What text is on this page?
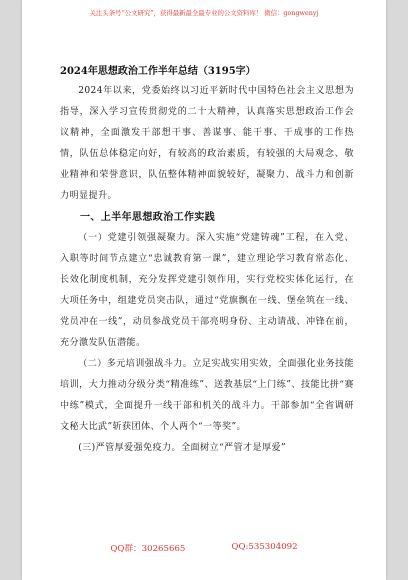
关注头条号“公文研究”，获得最新最全最专业的公文资料库！ 微信：gongwenyj
2024年思想政治工作半年总结（3195字）

2024年以来，党委始终以习近平新时代中国特色社会主义思想为指导，深入学习宣传贯彻党的二十大精神，认真落实思想政治工作会议精神，全面激发干部想干事、善谋事、能干事、干成事的工作热情，队伍总体稳定向好，有较高的政治素质，有较强的大局观念、敬业精神和荣誉意识，队伍整体精神面貌较好，凝聚力、战斗力和创新力明显提升。

一、上半年思想政治工作实践

（一）党建引领强凝聚力。深入实施“党建铸魂”工程，在入党、入职等时间节点建立“忠诚教育第一课”，建立理论学习教育常态化、长效化制度机制，充分发挥党建引领作用，实行党校实体化运行，在大项任务中，组建党员突击队，通过“党旗飘在一线、堡垒筑在一线、党员冲在一线”，动员参战党员干部亮明身份、主动请战、冲锋在前，充分激发队伍潜能。

（二）多元培训强战斗力。立足实战实用实效，全面强化业务技能培训，大力推动分级分类“精准练”、送教基层“上门练”、技能比拼“赛中练”模式，全面提升一线干部和机关的战斗力。干部参加“全省调研文秘大比武”斩获团体、个人两个“一等奖”。

(三)严管厚爱强免疫力。全面树立“严管才是厚爱”

QQ群：30265665	QQ:535304092
